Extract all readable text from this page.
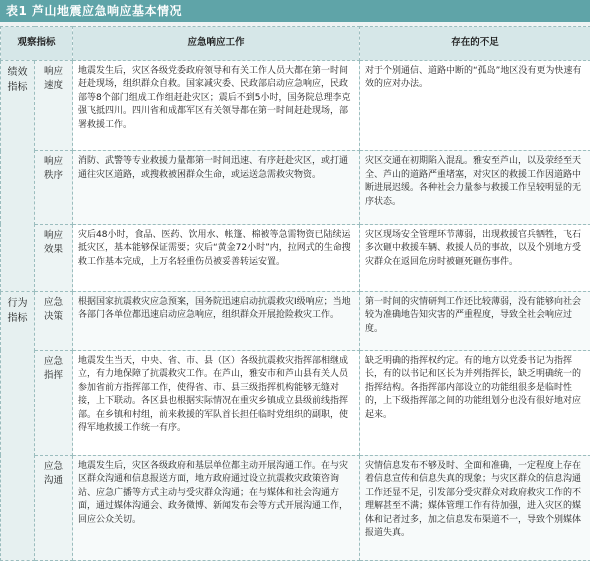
表1 芦山地震应急响应基本情况
观察指标		应急响应工作	存在的不足
绩效指标	响应速度	地震发生后，灾区各级党委政府领导和有关工作人员大都在第一时间赶赴现场，组织群众自救。国家减灾委、民政部启动应急响应，民政部等8个部门组成工作组赶赴灾区；震后不到5小时，国务院总理李克强飞抵四川。四川省和成都军区有关领导都在第一时间赶赴现场，部署救援工作。	对于个别通信、道路中断的“孤岛”地区没有更为快速有效的应对办法。
	响应秩序	消防、武警等专业救援力量都第一时间迅速、有序赶赴灾区，或打通通往灾区道路，或搜救被困群众生命，或运送急需救灾物资。	灾区交通在初期陷入混乱。雅安至芦山，以及荥经至天全、芦山的道路严重堵塞，对灾区的救援工作因道路中断进展迟缓。各种社会力量参与救援工作呈较明显的无序状态。
	响应效果	灾后48小时，食品、医药、饮用水、帐篷、棉被等急需物资已陆续运抵灾区，基本能够保证需要；灾后“黄金72小时”内，拉网式的生命搜救工作基本完成，上万名轻重伤员被妥善转运安置。	灾区现场安全管理环节薄弱，出现救援官兵牺牲，飞石多次砸中救援车辆、救援人员的事故，以及个别地方受灾群众在返回危房时被砸死砸伤事件。
行为指标	应急决策	根据国家抗震救灾应急预案，国务院迅速启动抗震救灾Ⅰ级响应；当地各部门各单位都迅速启动应急响应，组织群众开展抢险救灾工作。	第一时间的灾情研判工作还比较薄弱，没有能够向社会较为准确地告知灾害的严重程度，导致全社会响应过度。
	应急指挥	地震发生当天，中央、省、市、县（区）各级抗震救灾指挥部相继成立，有力地保障了抗震救灾工作。在芦山，雅安市和芦山县有关人员参加省前方指挥部工作，使得省、市、县三级指挥机构能够无缝对接，上下联动。各区县也根据实际情况在重灾乡镇成立县级前线指挥部。在乡镇和村组，前来救援的军队首长担任临时党组织的副职，使得军地救援工作统一有序。	缺乏明确的指挥权约定。有的地方以党委书记为指挥长，有的以书记和区长为并列指挥长，缺乏明确统一的指挥结构。各指挥部内部设立的功能组很多是临时性的，上下级指挥部之间的功能组划分也没有很好地对应起来。
	应急沟通	地震发生后，灾区各级政府和基层单位都主动开展沟通工作。在与灾区群众沟通和信息报送方面，地方政府通过设立抗震救灾政策咨询站、应急广播等方式主动与受灾群众沟通；在与媒体和社会沟通方面，通过媒体沟通会、政务微博、新闻发布会等方式开展沟通工作，回应公众关切。	灾情信息发布不够及时、全面和准确，一定程度上存在着信息宣传和信息失真的现象；与灾区群众的信息沟通工作还显不足，引发部分受灾群众对政府救灾工作的不理解甚至不满；媒体管理工作有待加强，进入灾区的媒体和记者过多，加之信息发布渠道不一，导致个别媒体报道失真。
